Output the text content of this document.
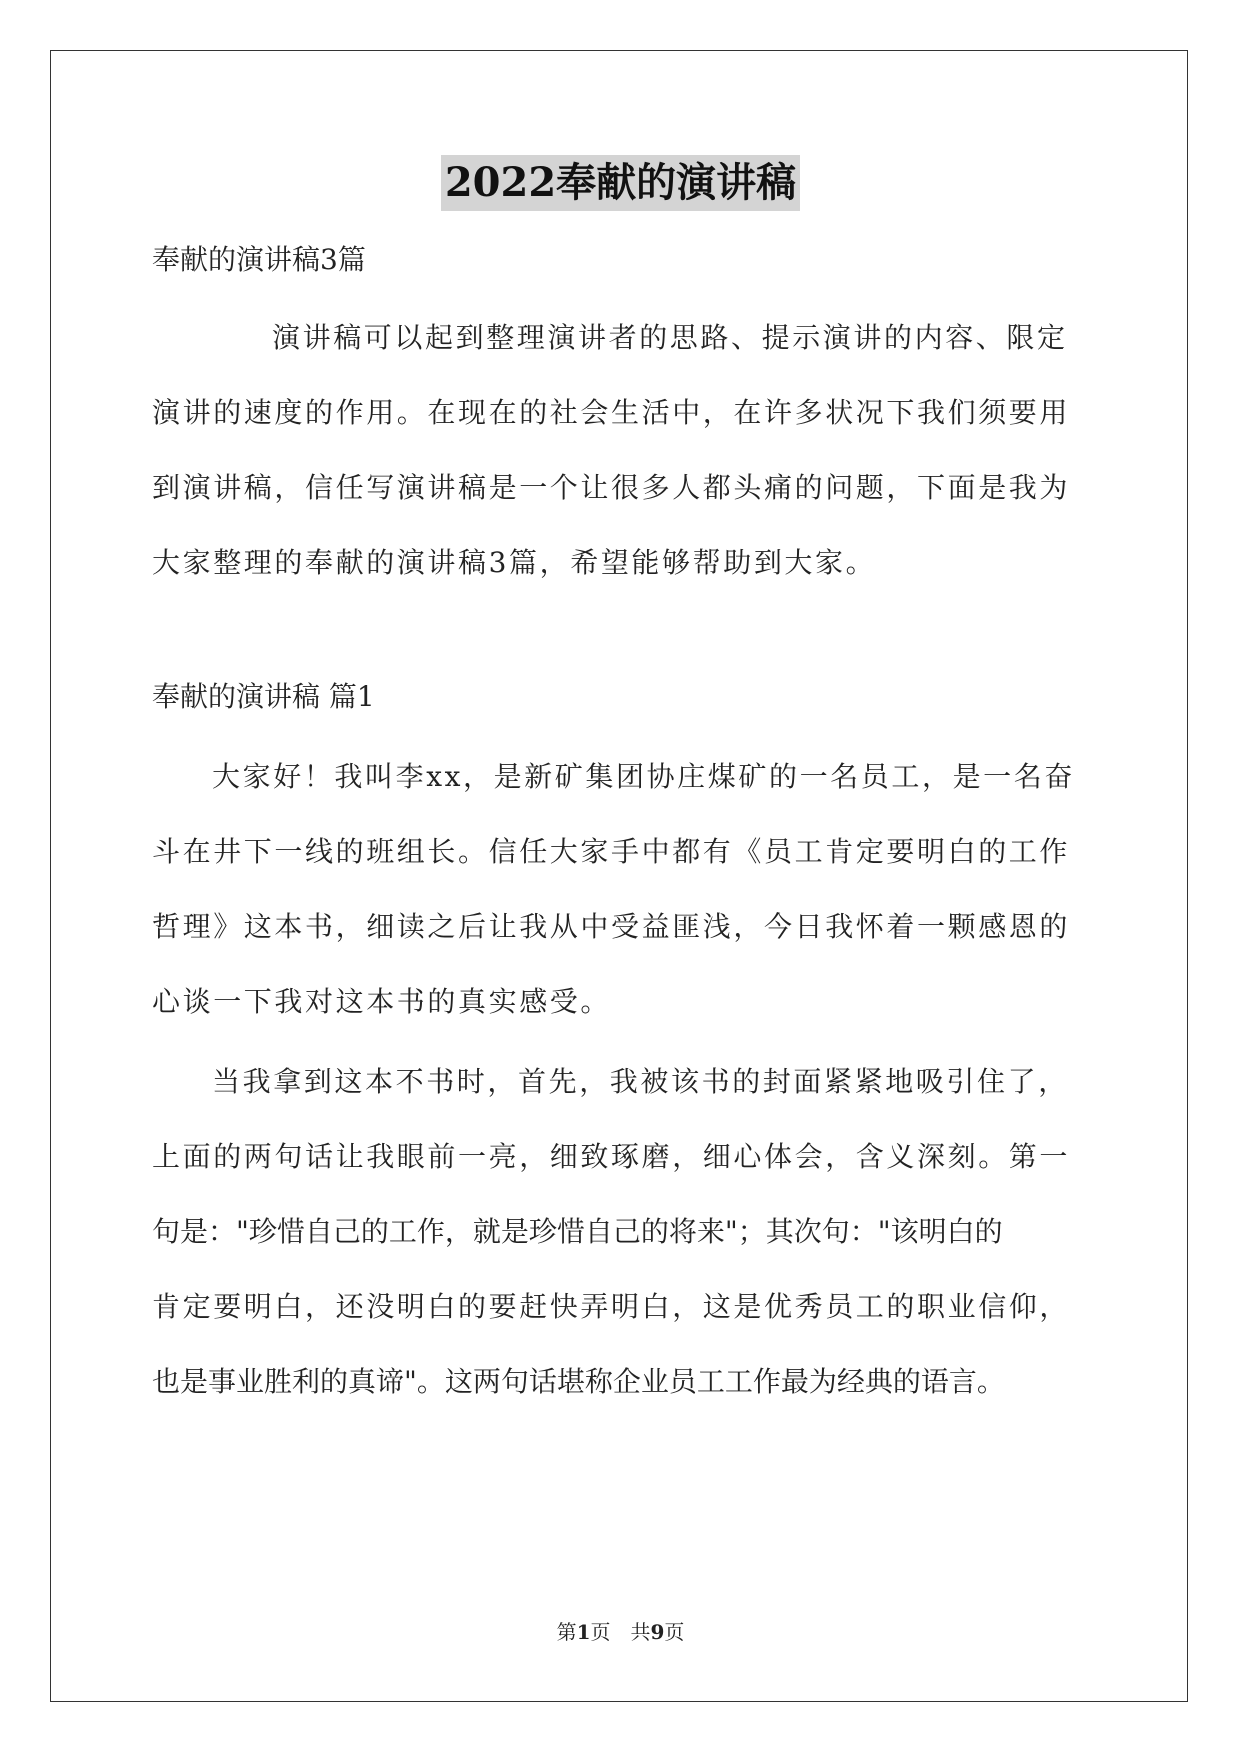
2022奉献的演讲稿
奉献的演讲稿3篇
演讲稿可以起到整理演讲者的思路、提示演讲的内容、限定
演讲的速度的作用。在现在的社会生活中，在许多状况下我们须要用
到演讲稿，信任写演讲稿是一个让很多人都头痛的问题，下面是我为
大家整理的奉献的演讲稿3篇，希望能够帮助到大家。
奉献的演讲稿 篇1
大家好！我叫李xx，是新矿集团协庄煤矿的一名员工，是一名奋
斗在井下一线的班组长。信任大家手中都有《员工肯定要明白的工作
哲理》这本书，细读之后让我从中受益匪浅，今日我怀着一颗感恩的
心谈一下我对这本书的真实感受。
当我拿到这本不书时，首先，我被该书的封面紧紧地吸引住了，
上面的两句话让我眼前一亮，细致琢磨，细心体会，含义深刻。第一
句是："珍惜自己的工作，就是珍惜自己的将来"；其次句："该明白的
肯定要明白，还没明白的要赶快弄明白，这是优秀员工的职业信仰，
也是事业胜利的真谛"。这两句话堪称企业员工工作最为经典的语言。
第1页　共9页
